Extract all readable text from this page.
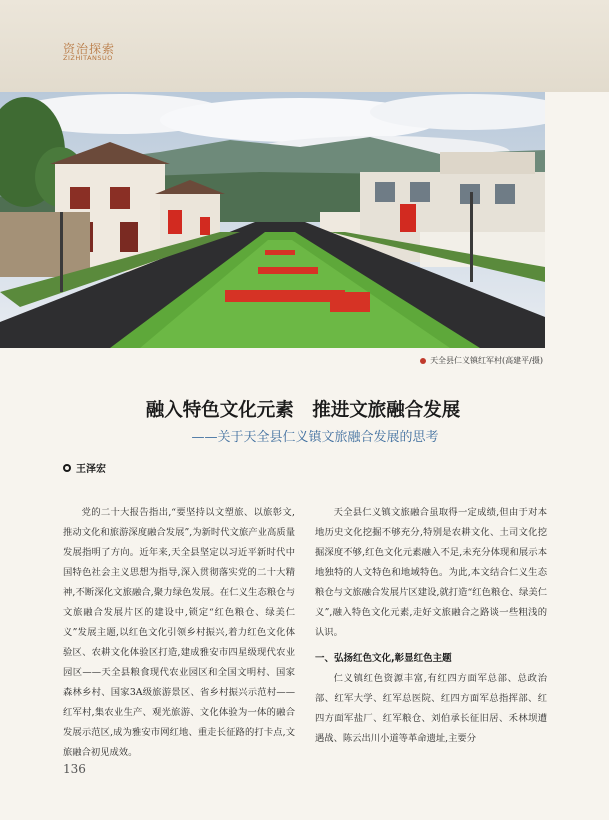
资治探索
ZIZHITANSUO
天全县仁义镇红军村(高建平/摄)
融入特色文化元素　推进文旅融合发展
——关于天全县仁义镇文旅融合发展的思考
王泽宏

党的二十大报告指出,“要坚持以文塑旅、以旅彰文,推动文化和旅游深度融合发展”,为新时代文旅产业高质量发展指明了方向。近年来,天全县坚定以习近平新时代中国特色社会主义思想为指导,深入贯彻落实党的二十大精神,不断深化文旅融合,聚力绿色发展。在仁义生态粮仓与文旅融合发展片区的建设中,锁定“红色粮仓、绿美仁义”发展主题,以红色文化引领乡村振兴,着力红色文化体验区、农耕文化体验区打造,建成雅安市四星级现代农业园区——天全县粮食现代农业园区和全国文明村、国家森林乡村、国家3A级旅游景区、省乡村振兴示范村——红军村,集农业生产、观光旅游、文化体验为一体的融合发展示范区,成为雅安市网红地、重走长征路的打卡点,文旅融合初见成效。

天全县仁义镇文旅融合虽取得一定成绩,但由于对本地历史文化挖掘不够充分,特别是农耕文化、土司文化挖掘深度不够,红色文化元素融入不足,未充分体现和展示本地独特的人文特色和地域特色。为此,本文结合仁义生态粮仓与文旅融合发展片区建设,就打造“红色粮仓、绿美仁义”,融入特色文化元素,走好文旅融合之路谈一些粗浅的认识。

一、弘扬红色文化,彰显红色主题

仁义镇红色资源丰富,有红四方面军总部、总政治部、红军大学、红军总医院、红四方面军总指挥部、红四方面军盐厂、红军粮仓、刘伯承长征旧居、禾林坝遭遇战、陈云出川小道等革命遗址,主要分

136
